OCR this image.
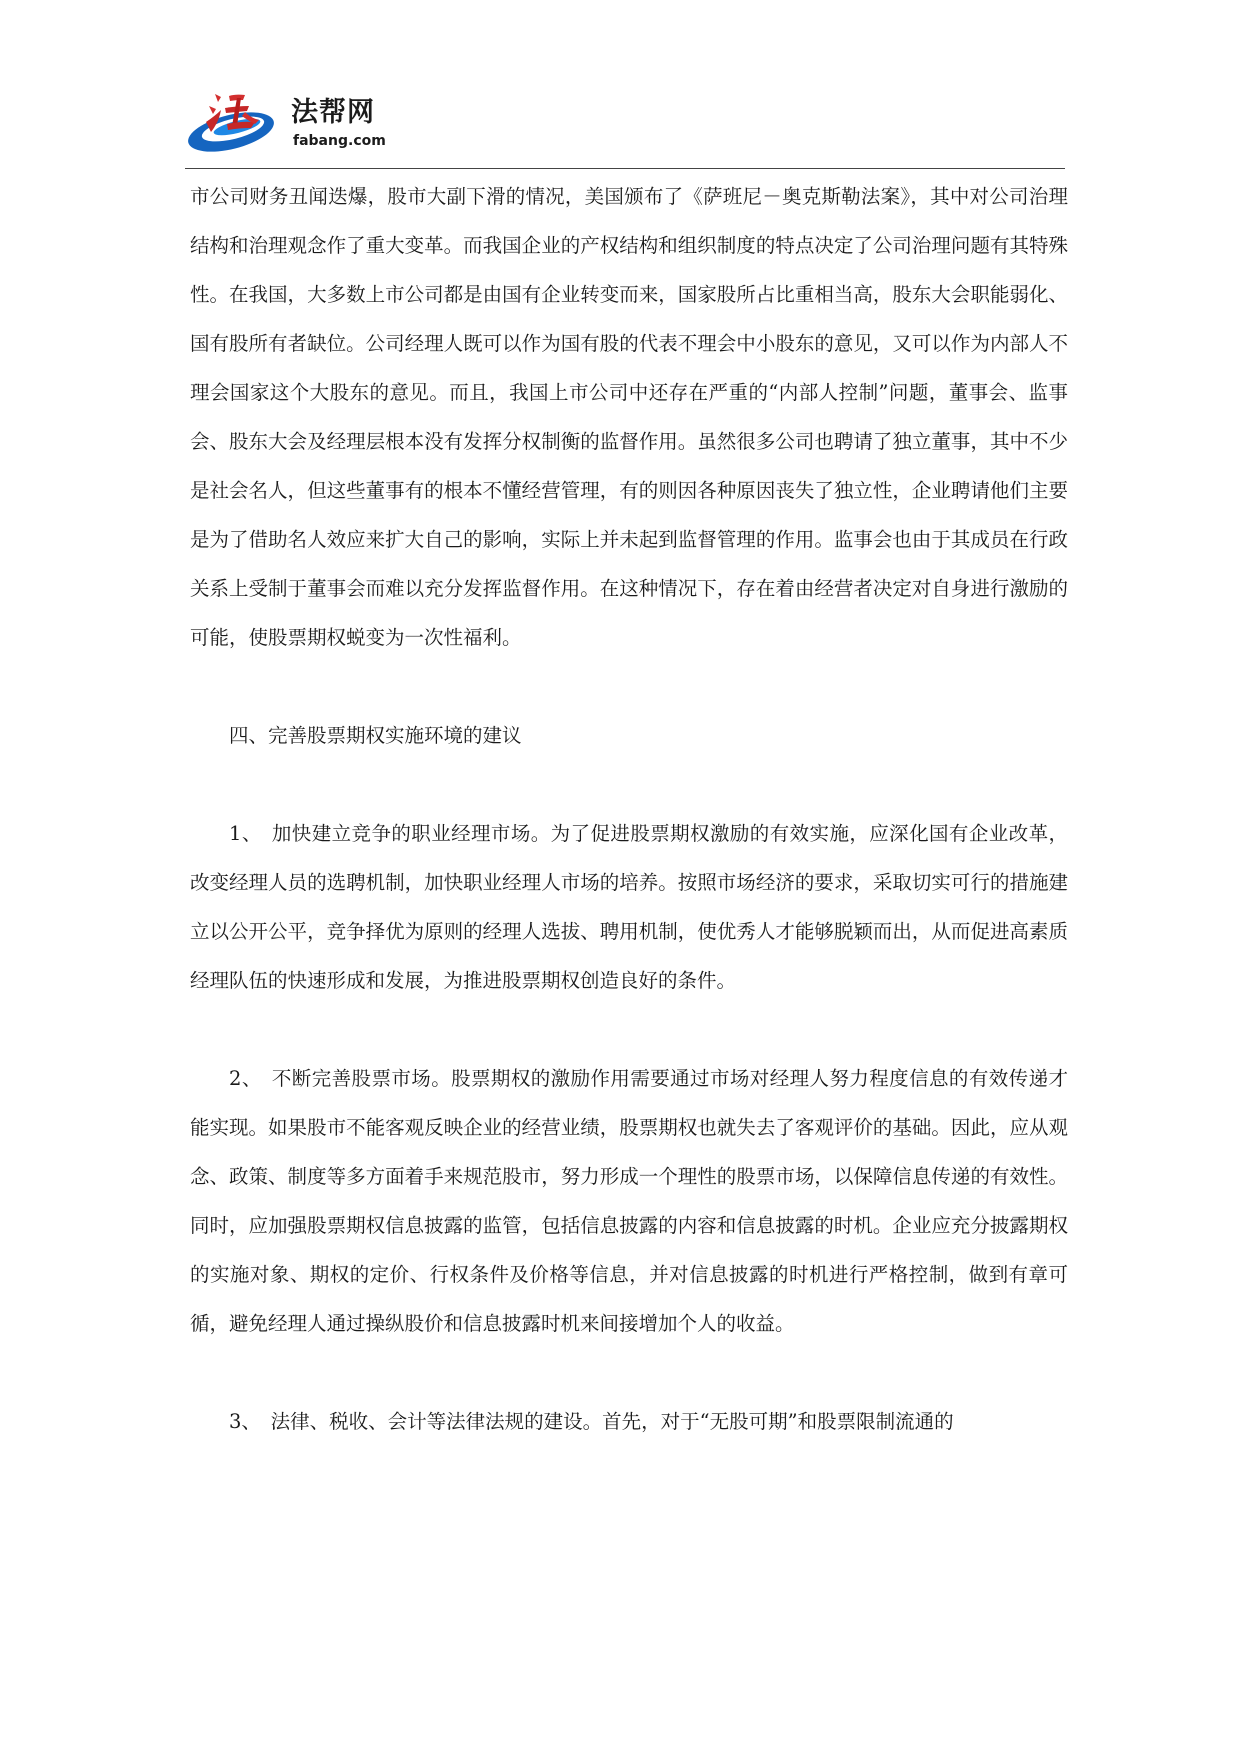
法帮网
fabang.com

市公司财务丑闻迭爆，股市大副下滑的情况，美国颁布了《萨班尼－奥克斯勒法案》，其中对公司治理结构和治理观念作了重大变革。而我国企业的产权结构和组织制度的特点决定了公司治理问题有其特殊性。在我国，大多数上市公司都是由国有企业转变而来，国家股所占比重相当高，股东大会职能弱化、国有股所有者缺位。公司经理人既可以作为国有股的代表不理会中小股东的意见，又可以作为内部人不理会国家这个大股东的意见。而且，我国上市公司中还存在严重的“内部人控制”问题，董事会、监事会、股东大会及经理层根本没有发挥分权制衡的监督作用。虽然很多公司也聘请了独立董事，其中不少是社会名人，但这些董事有的根本不懂经营管理，有的则因各种原因丧失了独立性，企业聘请他们主要是为了借助名人效应来扩大自己的影响，实际上并未起到监督管理的作用。监事会也由于其成员在行政关系上受制于董事会而难以充分发挥监督作用。在这种情况下，存在着由经营者决定对自身进行激励的可能，使股票期权蜕变为一次性福利。

四、完善股票期权实施环境的建议

1、　加快建立竞争的职业经理市场。为了促进股票期权激励的有效实施，应深化国有企业改革，改变经理人员的选聘机制，加快职业经理人市场的培养。按照市场经济的要求，采取切实可行的措施建立以公开公平，竞争择优为原则的经理人选拔、聘用机制，使优秀人才能够脱颖而出，从而促进高素质经理队伍的快速形成和发展，为推进股票期权创造良好的条件。

2、　不断完善股票市场。股票期权的激励作用需要通过市场对经理人努力程度信息的有效传递才能实现。如果股市不能客观反映企业的经营业绩，股票期权也就失去了客观评价的基础。因此，应从观念、政策、制度等多方面着手来规范股市，努力形成一个理性的股票市场，以保障信息传递的有效性。同时，应加强股票期权信息披露的监管，包括信息披露的内容和信息披露的时机。企业应充分披露期权的实施对象、期权的定价、行权条件及价格等信息，并对信息披露的时机进行严格控制，做到有章可循，避免经理人通过操纵股价和信息披露时机来间接增加个人的收益。

3、　法律、税收、会计等法律法规的建设。首先，对于“无股可期”和股票限制流通的
